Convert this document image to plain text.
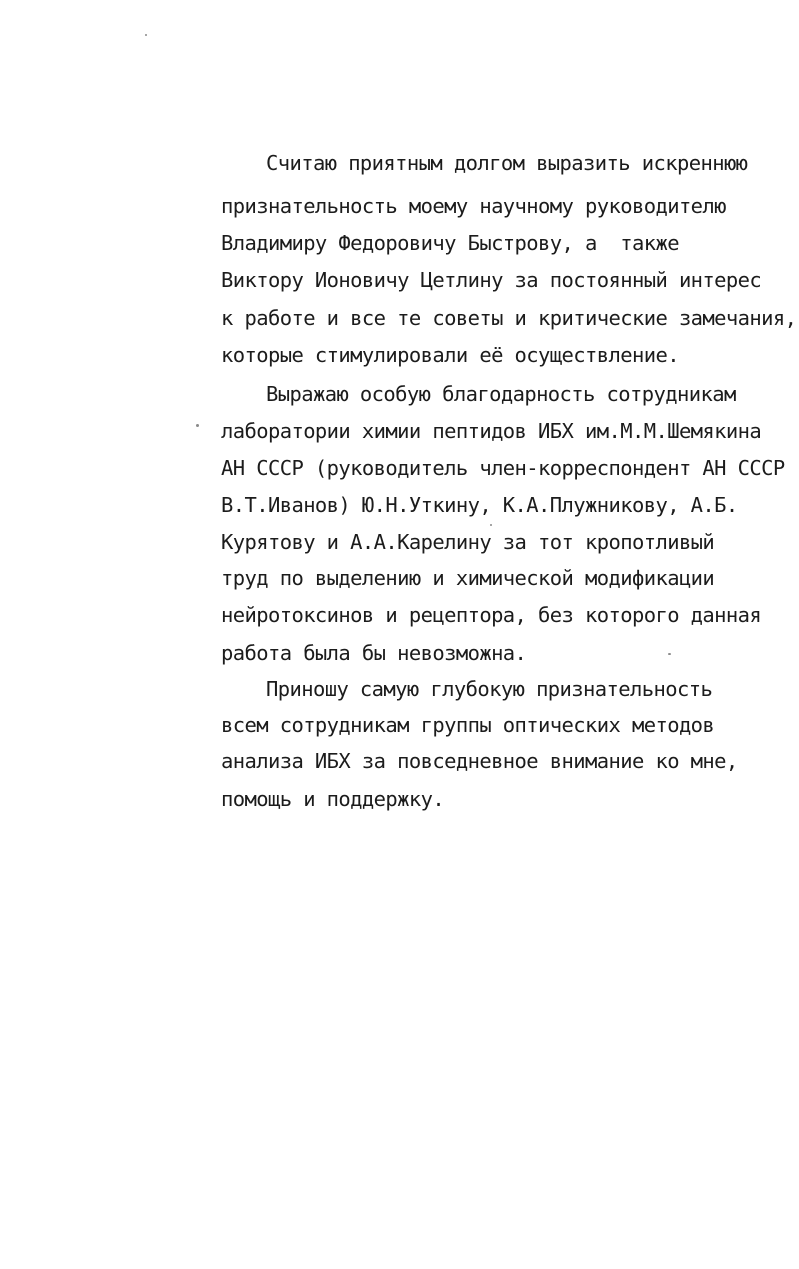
Считаю приятным долгом выразить искреннюю
признательность моему научному руководителю
Владимиру Федоровичу Быстрову, а  также
Виктору Ионовичу Цетлину за постоянный интерес
к работе и все те советы и критические замечания,
которые стимулировали её осуществление.
Выражаю особую благодарность сотрудникам
лаборатории химии пептидов ИБХ им.М.М.Шемякина
АН СССР (руководитель член-корреспондент АН СССР
В.Т.Иванов) Ю.Н.Уткину, К.А.Плужникову, А.Б.
Курятову и А.А.Карелину за тот кропотливый
труд по выделению и химической модификации
нейротоксинов и рецептора, без которого данная
работа была бы невозможна.
Приношу самую глубокую признательность
всем сотрудникам группы оптических методов
анализа ИБХ за повседневное внимание ко мне,
помощь и поддержку.
